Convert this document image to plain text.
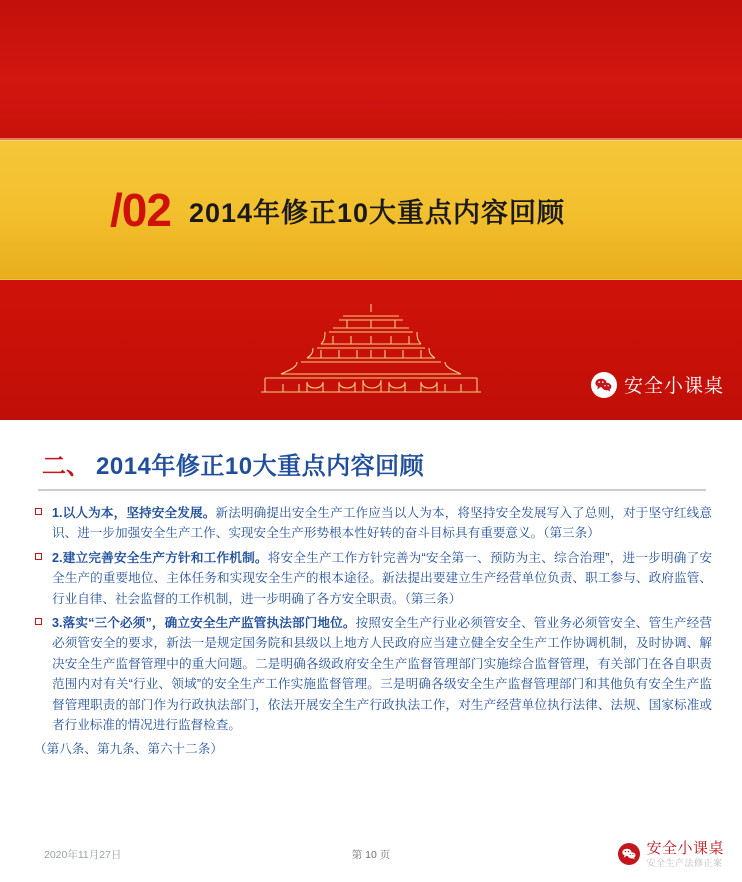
/02 2014年修正10大重点内容回顾
安全小课桌
二、 2014年修正10大重点内容回顾
1.以人为本，坚持安全发展。新法明确提出安全生产工作应当以人为本，将坚持安全发展写入了总则，对于坚守红线意识、进一步加强安全生产工作、实现安全生产形势根本性好转的奋斗目标具有重要意义。（第三条）
2.建立完善安全生产方针和工作机制。将安全生产工作方针完善为“安全第一、预防为主、综合治理”，进一步明确了安全生产的重要地位、主体任务和实现安全生产的根本途径。新法提出要建立生产经营单位负责、职工参与、政府监管、行业自律、社会监督的工作机制，进一步明确了各方安全职责。（第三条）
3.落实“三个必须”，确立安全生产监管执法部门地位。按照安全生产行业必须管安全、管业务必须管安全、管生产经营必须管安全的要求，新法一是规定国务院和县级以上地方人民政府应当建立健全安全生产工作协调机制，及时协调、解决安全生产监督管理中的重大问题。二是明确各级政府安全生产监督管理部门实施综合监督管理，有关部门在各自职责范围内对有关“行业、领域”的安全生产工作实施监督管理。三是明确各级安全生产监督管理部门和其他负有安全生产监督管理职责的部门作为行政执法部门，依法开展安全生产行政执法工作，对生产经营单位执行法律、法规、国家标准或者行业标准的情况进行监督检查。
（第八条、第九条、第六十二条）
2020年11月27日	第 10 页	安全小课桌
安全生产法修正案
